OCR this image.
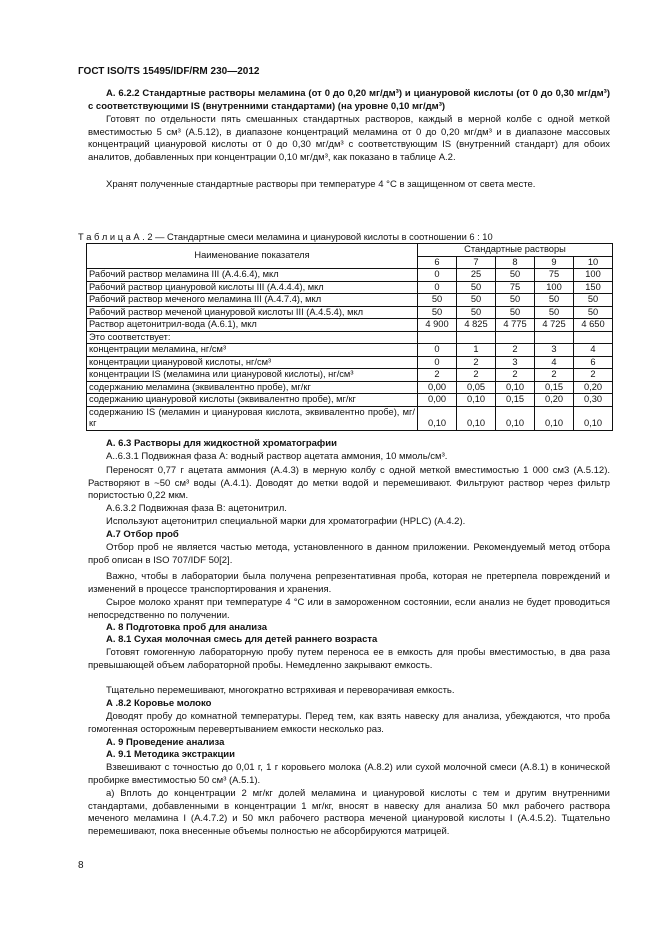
ГОСТ ISO/TS 15495/IDF/RM 230—2012
А. 6.2.2 Стандартные растворы меламина (от 0 до 0,20 мг/дм³) и циануровой кислоты (от 0 до 0,30 мг/дм³) с соответствующими IS (внутренними стандартами) (на уровне 0,10 мг/дм³)
Готовят по отдельности пять смешанных стандартных растворов, каждый в мерной колбе с одной меткой вместимостью 5 см³ (А.5.12), в диапазоне концентраций меламина от 0 до 0,20 мг/дм³ и в диапазоне массовых концентраций циануровой кислоты от 0 до 0,30 мг/дм³ с соответствующим IS (внутренний стандарт) для обоих аналитов, добавленных при концентрации 0,10 мг/дм³, как показано в таблице А.2.
Хранят полученные стандартные растворы при температуре 4 °С в защищенном от света месте.
Т а б л и ц а А . 2 — Стандартные смеси меламина и циануровой кислоты в соотношении 6 : 10
Наименование показателя	Стандартные растворы				
	6	7	8	9	10
Рабочий раствор меламина III (А.4.6.4), мкл	0	25	50	75	100
Рабочий раствор циануровой кислоты III (А.4.4.4), мкл	0	50	75	100	150
Рабочий раствор меченого меламина III (А.4.7.4), мкл	50	50	50	50	50
Рабочий раствор меченой циануровой кислоты III (А.4.5.4), мкл	50	50	50	50	50
Раствор ацетонитрил-вода (А.6.1), мкл	4 900	4 825	4 775	4 725	4 650
Это соответствует:					
концентрации меламина, нг/см³	0	1	2	3	4
концентрации циануровой кислоты, нг/см³	0	2	3	4	6
концентрации IS (меламина или циануровой кислоты), нг/см³	2	2	2	2	2
содержанию меламина (эквивалентно пробе), мг/кг	0,00	0,05	0,10	0,15	0,20
содержанию циануровой кислоты (эквивалентно пробе), мг/кг	0,00	0,10	0,15	0,20	0,30
содержанию IS (меламин и циануровая кислота, эквивалентно пробе), мг/кг	0,10	0,10	0,10	0,10	0,10
А. 6.3 Растворы для жидкостной хроматографии
А..6.3.1 Подвижная фаза А: водный раствор ацетата аммония, 10 ммоль/см³.
Переносят 0,77 г ацетата аммония (А.4.3) в мерную колбу с одной меткой вместимостью 1 000 см3 (А.5.12). Растворяют в ~50 см³ воды (А.4.1). Доводят до метки водой и перемешивают. Фильтруют раствор через фильтр пористостью 0,22 мкм.
А.6.3.2 Подвижная фаза В: ацетонитрил.
Используют ацетонитрил специальной марки для хроматографии (HPLC) (А.4.2).
А.7 Отбор проб
Отбор проб не является частью метода, установленного в данном приложении. Рекомендуемый метод отбора проб описан в ISO 707/IDF 50[2].
Важно, чтобы в лаборатории была получена репрезентативная проба, которая не претерпела повреждений и изменений в процессе транспортирования и хранения.
Сырое молоко хранят при температуре 4 °С или в замороженном состоянии, если анализ не будет проводиться непосредственно по получении.
А. 8 Подготовка проб для анализа
А. 8.1 Сухая молочная смесь для детей раннего возраста
Готовят гомогенную лабораторную пробу путем переноса ее в емкость для пробы вместимостью, в два раза превышающей объем лабораторной пробы. Немедленно закрывают емкость.
Тщательно перемешивают, многократно встряхивая и переворачивая емкость.
А .8.2 Коровье молоко
Доводят пробу до комнатной температуры. Перед тем, как взять навеску для анализа, убеждаются, что проба гомогенная осторожным перевертыванием емкости несколько раз.
А. 9 Проведение анализа
А. 9.1 Методика экстракции
Взвешивают с точностью до 0,01 г, 1 г коровьего молока (А.8.2) или сухой молочной смеси (А.8.1) в конической пробирке вместимостью 50 см³ (А.5.1).
а) Вплоть до концентрации 2 мг/кг долей меламина и циануровой кислоты с тем и другим внутренними стандартами, добавленными в концентрации 1 мг/кг, вносят в навеску для анализа 50 мкл рабочего раствора меченого меламина I (А.4.7.2) и 50 мкл рабочего раствора меченой циануровой кислоты I (А.4.5.2). Тщательно перемешивают, пока внесенные объемы полностью не абсорбируются матрицей.
8
